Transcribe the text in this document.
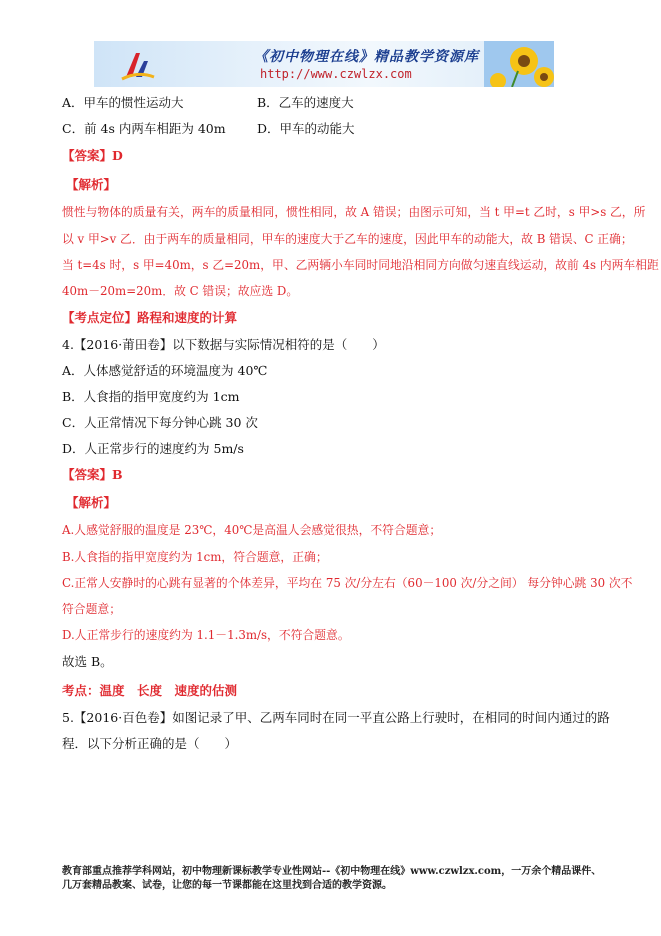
《初中物理在线》精品教学资源库
http://www.czwlzx.com
A．甲车的惯性运动大	B．乙车的速度大
C．前 4s 内两车相距为 40m	D．甲车的动能大
【答案】D
【解析】
惯性与物体的质量有关，两车的质量相同，惯性相同，故 A 错误；由图示可知，当 t 甲=t 乙时，s 甲>s 乙，所
以 v 甲>v 乙．由于两车的质量相同，甲车的速度大于乙车的速度，因此甲车的动能大，故 B 错误、C 正确；
当 t=4s 时，s 甲=40m，s 乙=20m，甲、乙两辆小车同时同地沿相同方向做匀速直线运动，故前 4s 内两车相距
40m－20m=20m．故 C 错误；故应选 D。
【考点定位】路程和速度的计算
4.【2016·莆田卷】以下数据与实际情况相符的是（　　）
A．人体感觉舒适的环境温度为 40℃
B．人食指的指甲宽度约为 1cm
C．人正常情况下每分钟心跳 30 次
D．人正常步行的速度约为 5m/s
【答案】B
【解析】
A.人感觉舒服的温度是 23℃，40℃是高温人会感觉很热，不符合题意；
B.人食指的指甲宽度约为 1cm，符合题意，正确；
C.正常人安静时的心跳有显著的个体差异，平均在 75 次/分左右（60－100 次/分之间） 每分钟心跳 30 次不
符合题意；
D.人正常步行的速度约为 1.1－1.3m/s，不符合题意。
故选 B。
考点：温度　长度　速度的估测
5.【2016·百色卷】如图记录了甲、乙两车同时在同一平直公路上行驶时，在相同的时间内通过的路
程．以下分析正确的是（　　）
教育部重点推荐学科网站，初中物理新课标教学专业性网站--《初中物理在线》www.czwlzx.com，一万余个精品课件、
几万套精品教案、试卷，让您的每一节课都能在这里找到合适的教学资源。
